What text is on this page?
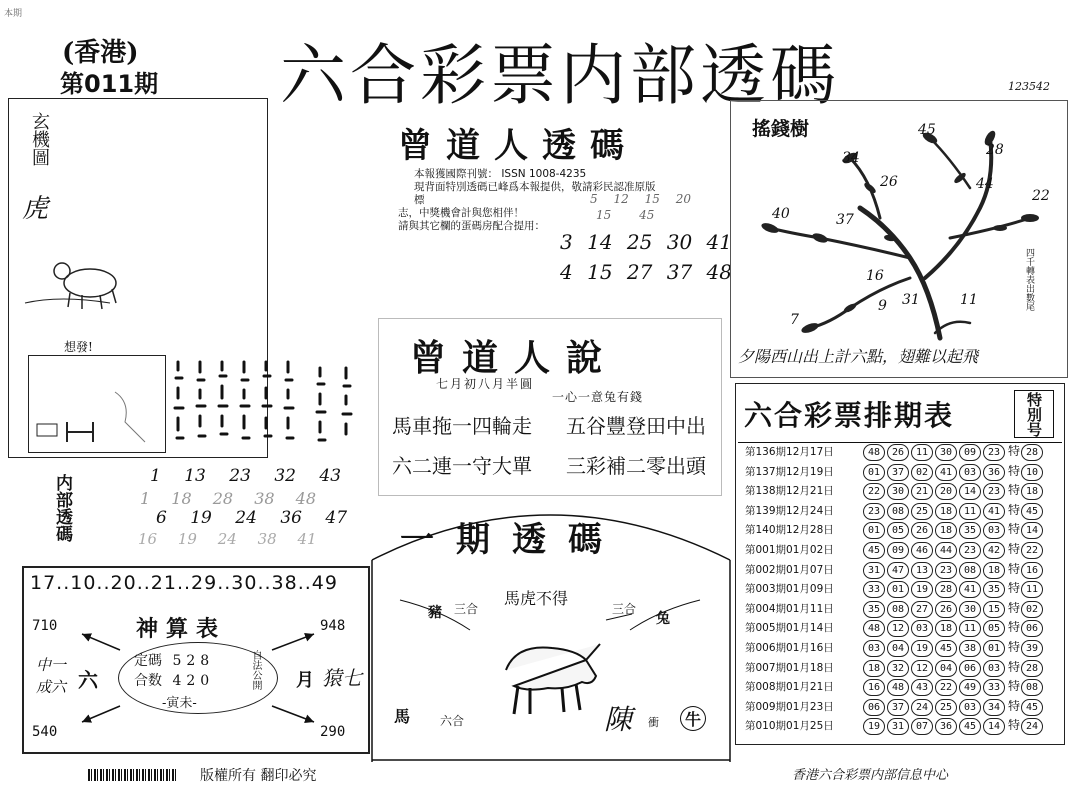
本期
(香港)
第011期 六合彩票内部透碼	123542
玄機圖
虎
想發!
内部透碼	1 13 23 32 43
1 18 28 38 48
6 19 24 36 47
16 19 24 38 41
17..10..20..21..29..30..38..49
710	948
540	290
神算表
定碼 528
合数 420
-寅未-
自法公開
六
中一
成六	月 猿七
曾道人透碼
本報獲國際刊號： ISSN 1008-4235
現背面特別透碼已峰爲本報提供，敬請彩民認准原版標
志，中獎機會計與您相伴！
請與其它欄的蛋碼房配合提用：
5 12 15 20
15 45
3 14 25 30 41
4 15 27 37 48
曾道人說
七月初八月半圓
一心一意兔有錢
馬車拖一四輪走 五谷豐登田中出
六二連一守大單 三彩補二零出頭
一期透碼
馬虎不得
豬 三合	三合
兔
馬 六合	陳 衝	牛
搖錢樹	45
28
34
26	44
22
40	37
16
9 31	11
7
四千轉表出數尾
夕陽西山出上計六點，翅難以起飛
六合彩票排期表	特別号
第136期12月17日	48 26 11 30 09 23 特 28
第137期12月19日	01 37 02 41 03 36 特 10
第138期12月21日	22 30 21 20 14 23 特 18
第139期12月24日	23 08 25 18 11 41 特 45
第140期12月28日	01 05 26 18 35 03 特 14
第001期01月02日	45 09 46 44 23 42 特 22
第002期01月07日	31 47 13 23 08 18 特 16
第003期01月09日	33 01 19 28 41 35 特 11
第004期01月11日	35 08 27 26 30 15 特 02
第005期01月14日	48 12 03 18 11 05 特 06
第006期01月16日	03 04 19 45 38 01 特 39
第007期01月18日	18 32 12 04 06 03 特 28
第008期01月21日	16 48 43 22 49 33 特 08
第009期01月23日	06 37 24 25 03 34 特 45
第010期01月25日	19 31 07 36 45 14 特 24
版權所有 翻印必究	香港六合彩票内部信息中心
